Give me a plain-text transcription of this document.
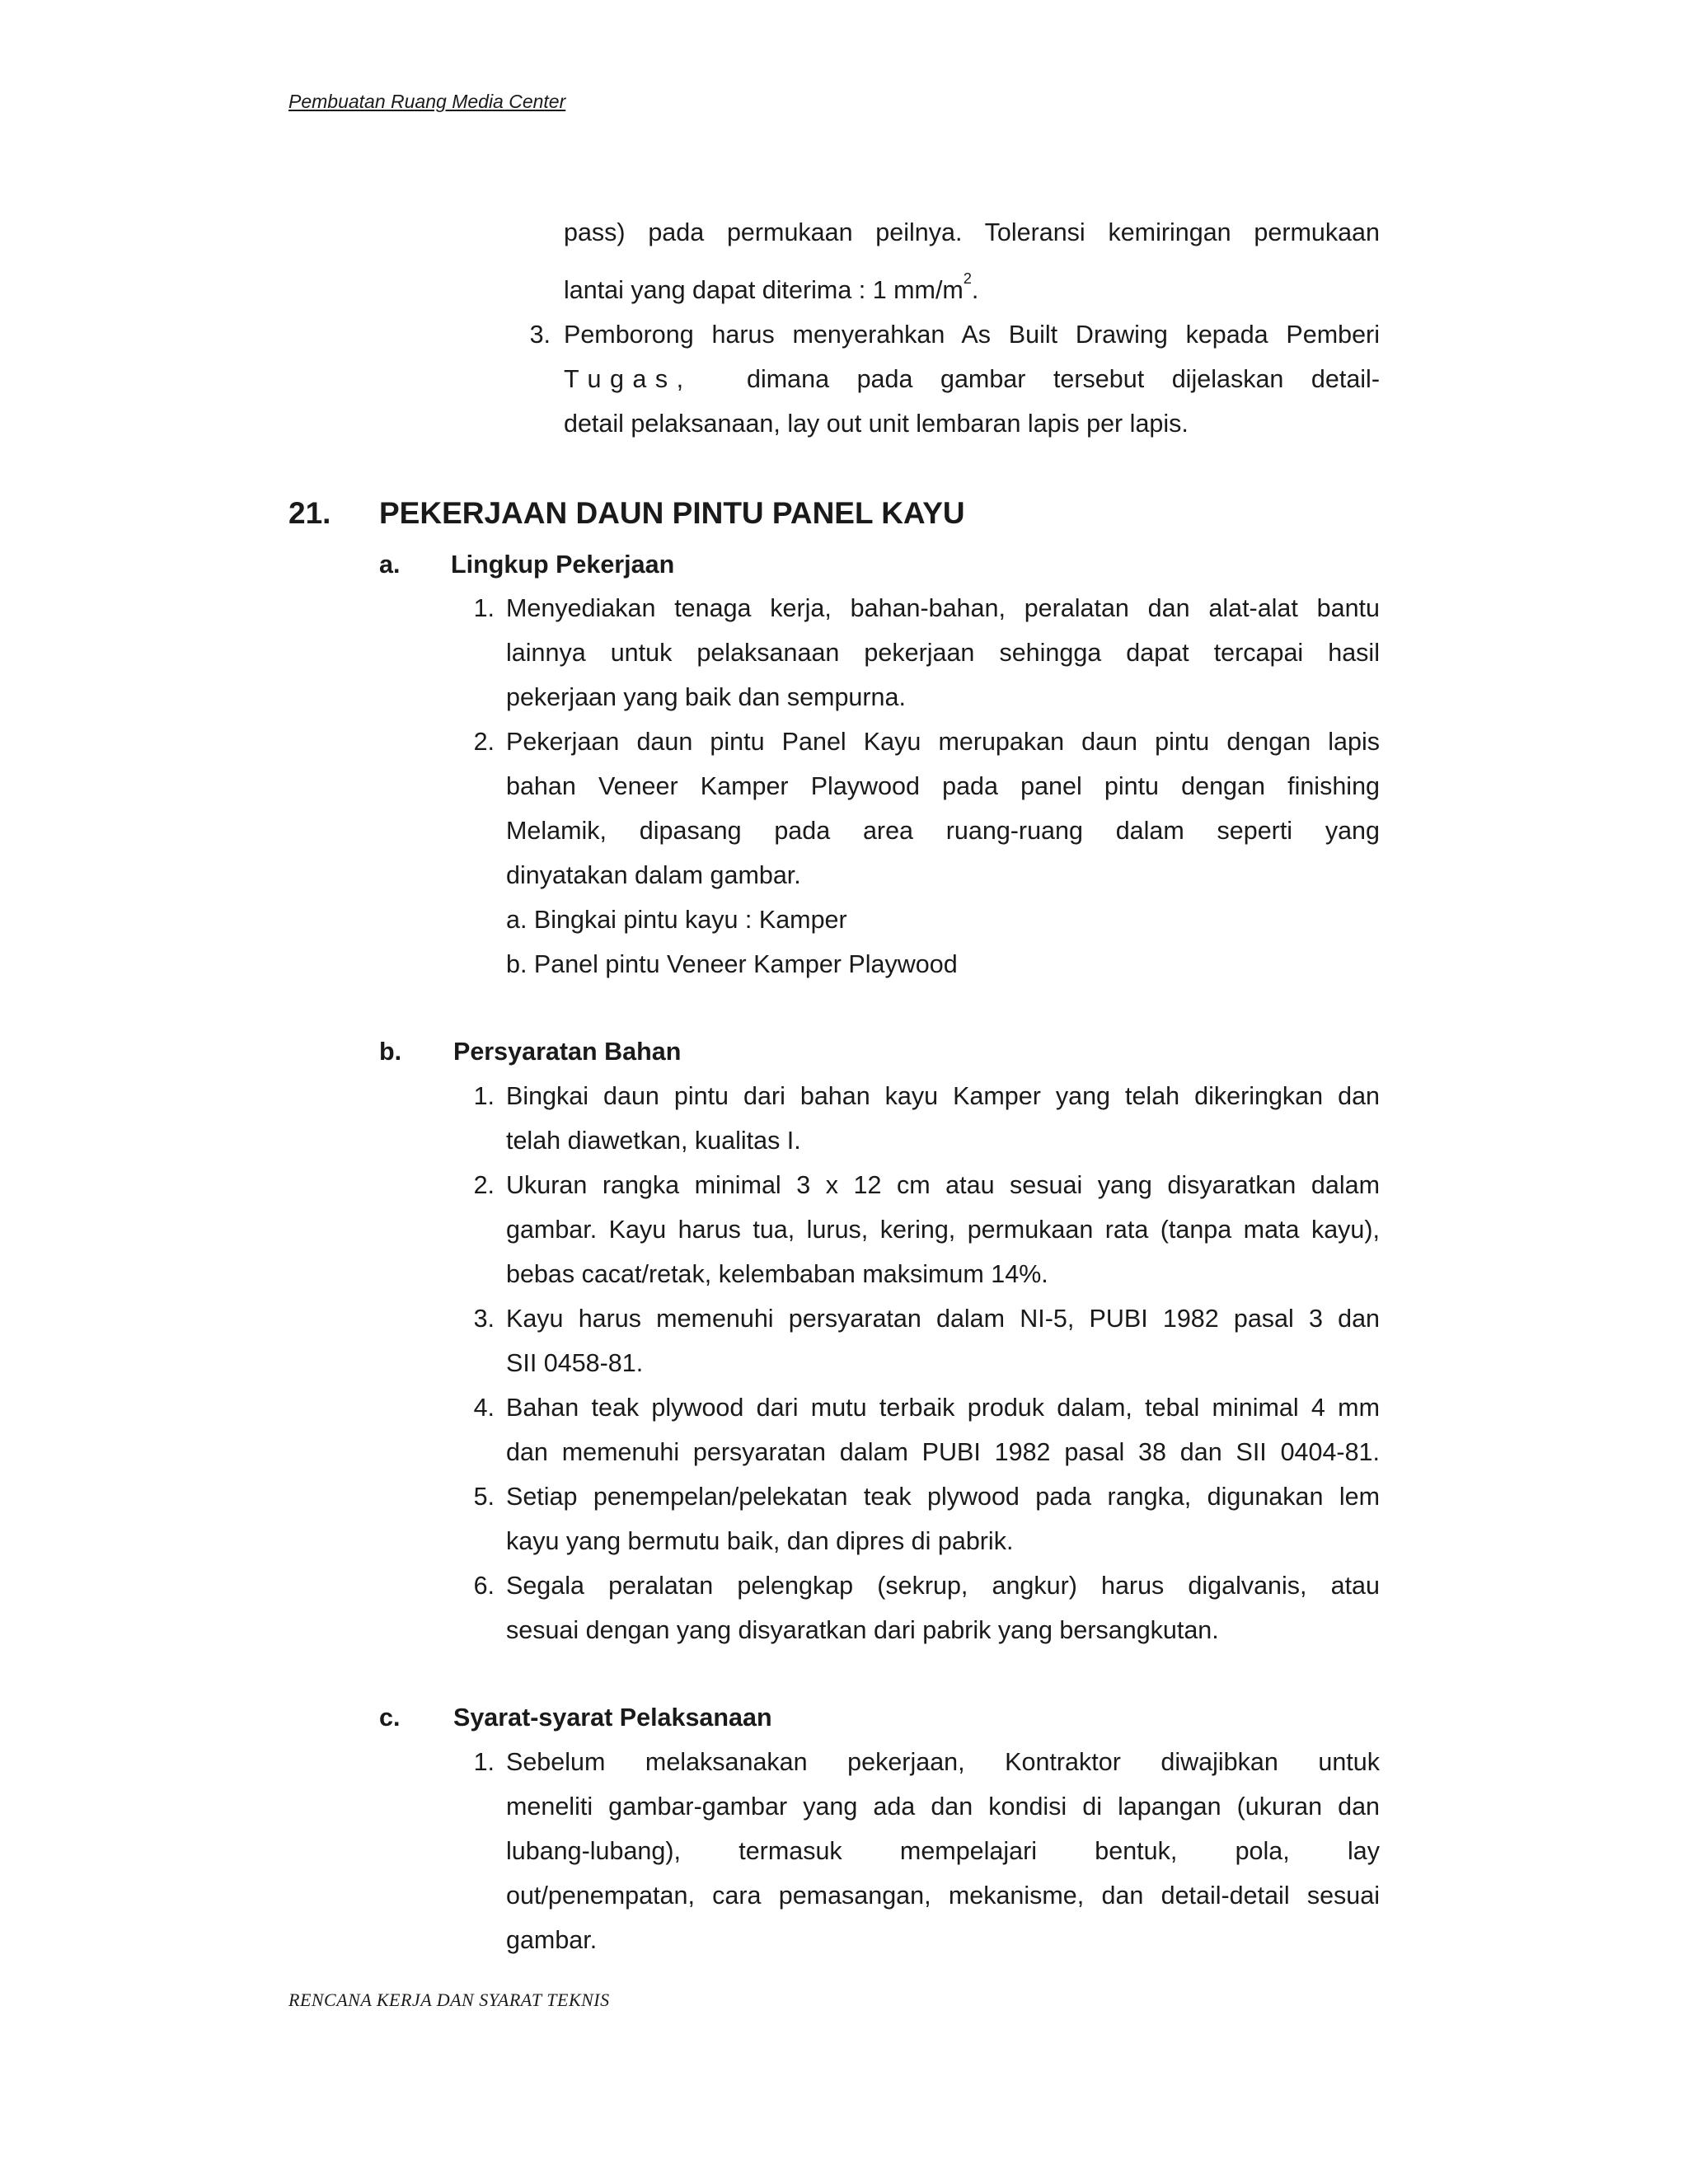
Pembuatan Ruang Media Center
RENCANA KERJA DAN SYARAT TEKNIS
pass) pada permukaan peilnya. Toleransi kemiringan permukaan
lantai yang dapat diterima : 1 $mm/m^2$.
3. Pemborong harus menyerahkan As Built Drawing kepada Pemberi
T u g a s , dimana pada gambar tersebut dijelaskan detail-
detail pelaksanaan, lay out unit lembaran lapis per lapis.
21. PEKERJAAN DAUN PINTU PANEL KAYU
a. Lingkup Pekerjaan
1. Menyediakan tenaga kerja, bahan-bahan, peralatan dan alat-alat bantu
lainnya untuk pelaksanaan pekerjaan sehingga dapat tercapai hasil
pekerjaan yang baik dan sempurna.
2. Pekerjaan daun pintu Panel Kayu merupakan daun pintu dengan lapis
bahan Veneer Kamper Playwood pada panel pintu dengan finishing
Melamik, dipasang pada area ruang-ruang dalam seperti yang
dinyatakan dalam gambar.
a. Bingkai pintu kayu : Kamper
b. Panel pintu Veneer Kamper Playwood
b. Persyaratan Bahan
1. Bingkai daun pintu dari bahan kayu Kamper yang telah dikeringkan dan
telah diawetkan, kualitas I.
2. Ukuran rangka minimal 3 x 12 cm atau sesuai yang disyaratkan dalam
gambar. Kayu harus tua, lurus, kering, permukaan rata (tanpa mata kayu),
bebas cacat/retak, kelembaban maksimum 14%.
3. Kayu harus memenuhi persyaratan dalam NI-5, PUBI 1982 pasal 3 dan
SII 0458-81.
4. Bahan teak plywood dari mutu terbaik produk dalam, tebal minimal 4 mm
dan memenuhi persyaratan dalam PUBI 1982 pasal 38 dan SII 0404-81.
5. Setiap penempelan/pelekatan teak plywood pada rangka, digunakan lem
kayu yang bermutu baik, dan dipres di pabrik.
6. Segala peralatan pelengkap (sekrup, angkur) harus digalvanis, atau
sesuai dengan yang disyaratkan dari pabrik yang bersangkutan.
c. Syarat-syarat Pelaksanaan
1. Sebelum melaksanakan pekerjaan, Kontraktor diwajibkan untuk
meneliti gambar-gambar yang ada dan kondisi di lapangan (ukuran dan
lubang-lubang), termasuk mempelajari bentuk, pola, lay
out/penempatan, cara pemasangan, mekanisme, dan detail-detail sesuai
gambar.
